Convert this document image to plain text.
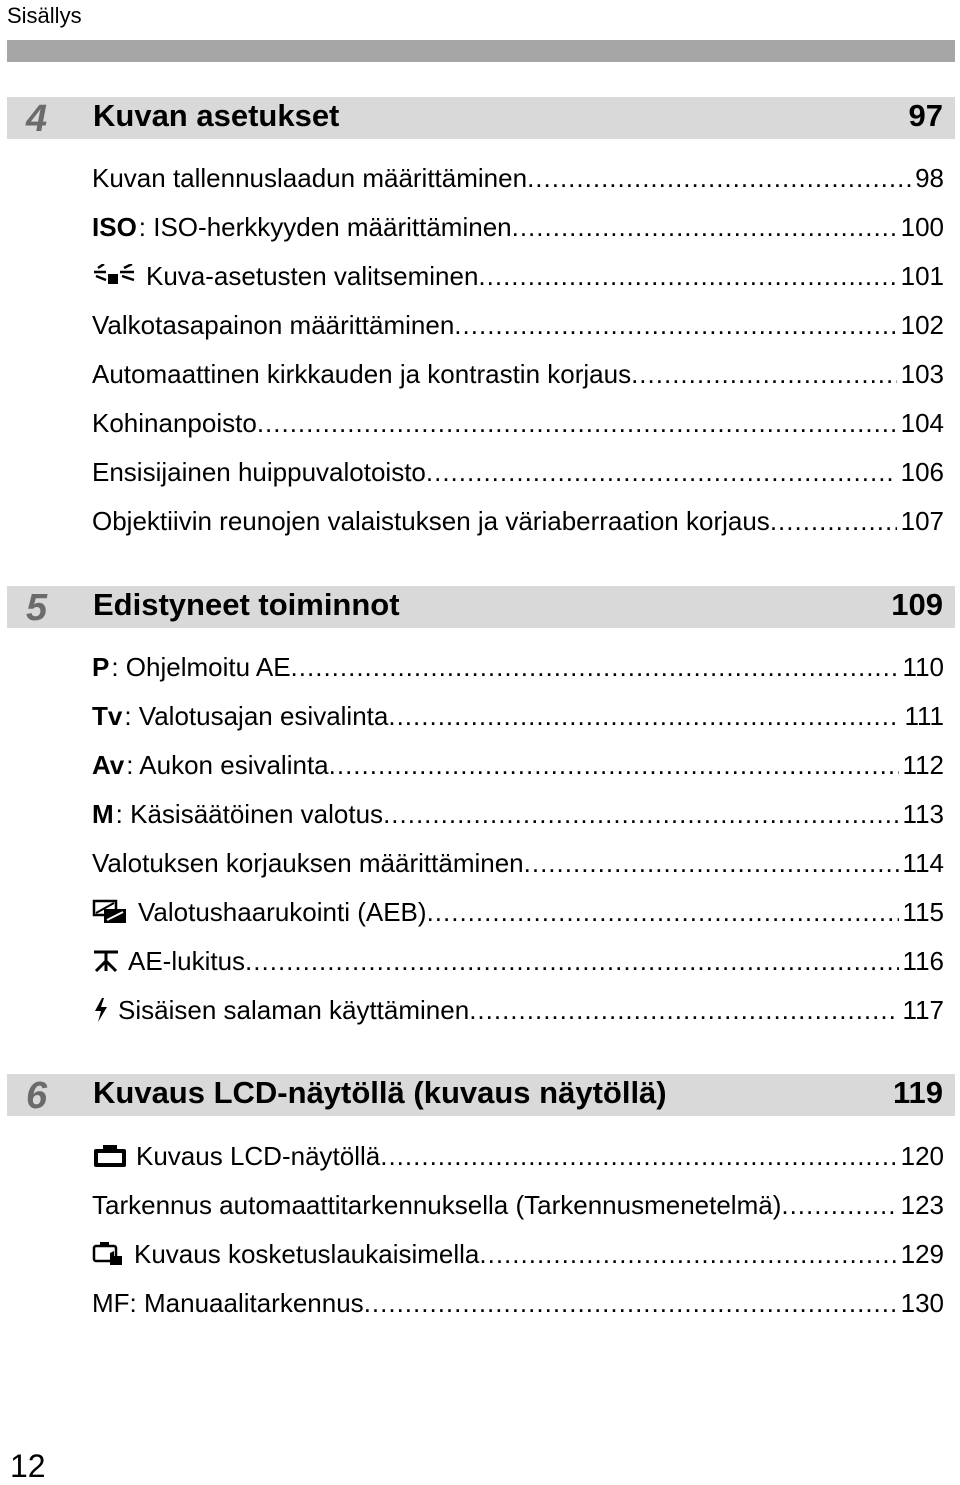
Sisällys
4 Kuvan asetukset	97
Kuvan tallennuslaadun määrittäminen .....	98
ISO : ISO-herkkyyden määrittäminen .....	100
Kuva-asetusten valitseminen .....	101
Valkotasapainon määrittäminen .....	102
Automaattinen kirkkauden ja kontrastin korjaus .....	103
Kohinanpoisto .....	104
Ensisijainen huippuvalotoisto .....	106
Objektiivin reunojen valaistuksen ja väriaberraation korjaus .....	107
5 Edistyneet toiminnot	109
P : Ohjelmoitu AE .....	110
Tv : Valotusajan esivalinta .....	111
Av : Aukon esivalinta .....	112
M : Käsisäätöinen valotus .....	113
Valotuksen korjauksen määrittäminen .....	114
Valotushaarukointi (AEB) .....	115
AE-lukitus .....	116
Sisäisen salaman käyttäminen .....	117
6 Kuvaus LCD-näytöllä (kuvaus näytöllä)	119
Kuvaus LCD-näytöllä .....	120
Tarkennus automaattitarkennuksella (Tarkennusmenetelmä) .....	123
Kuvaus kosketuslaukaisimella .....	129
MF: Manuaalitarkennus .....	130
12
